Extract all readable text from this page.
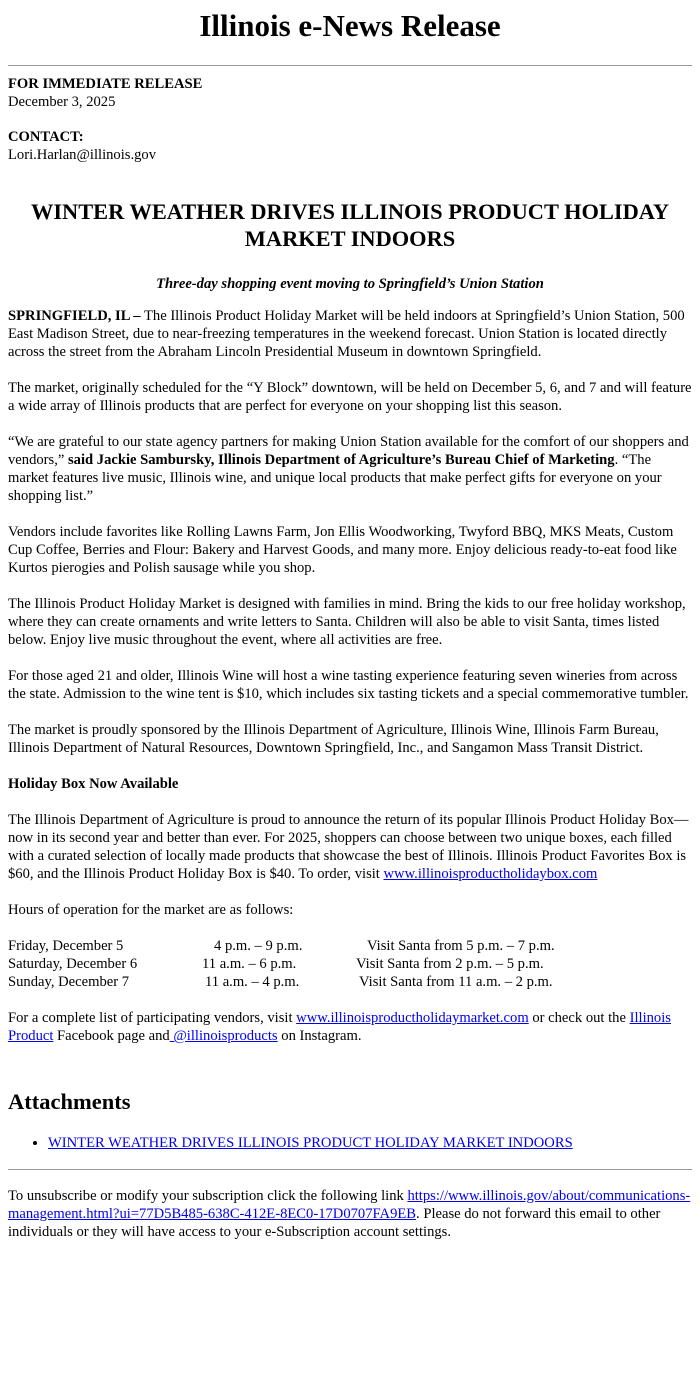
Illinois e-News Release
FOR IMMEDIATE RELEASE
December 3, 2025
CONTACT:
Lori.Harlan@illinois.gov
WINTER WEATHER DRIVES ILLINOIS PRODUCT HOLIDAY MARKET INDOORS
Three-day shopping event moving to Springfield’s Union Station

SPRINGFIELD, IL – The Illinois Product Holiday Market will be held indoors at Springfield’s Union Station, 500 East Madison Street, due to near-freezing temperatures in the weekend forecast. Union Station is located directly across the street from the Abraham Lincoln Presidential Museum in downtown Springfield.

The market, originally scheduled for the “Y Block” downtown, will be held on December 5, 6, and 7 and will feature a wide array of Illinois products that are perfect for everyone on your shopping list this season.

“We are grateful to our state agency partners for making Union Station available for the comfort of our shoppers and vendors,” said Jackie Sambursky, Illinois Department of Agriculture’s Bureau Chief of Marketing. “The market features live music, Illinois wine, and unique local products that make perfect gifts for everyone on your shopping list.”

Vendors include favorites like Rolling Lawns Farm, Jon Ellis Woodworking, Twyford BBQ, MKS Meats, Custom Cup Coffee, Berries and Flour: Bakery and Harvest Goods, and many more. Enjoy delicious ready-to-eat food like Kurtos pierogies and Polish sausage while you shop.

The Illinois Product Holiday Market is designed with families in mind. Bring the kids to our free holiday workshop, where they can create ornaments and write letters to Santa. Children will also be able to visit Santa, times listed below. Enjoy live music throughout the event, where all activities are free.

For those aged 21 and older, Illinois Wine will host a wine tasting experience featuring seven wineries from across the state. Admission to the wine tent is $10, which includes six tasting tickets and a special commemorative tumbler.

The market is proudly sponsored by the Illinois Department of Agriculture, Illinois Wine, Illinois Farm Bureau, Illinois Department of Natural Resources, Downtown Springfield, Inc., and Sangamon Mass Transit District.

Holiday Box Now Available

The Illinois Department of Agriculture is proud to announce the return of its popular Illinois Product Holiday Box—now in its second year and better than ever. For 2025, shoppers can choose between two unique boxes, each filled with a curated selection of locally made products that showcase the best of Illinois. Illinois Product Favorites Box is $60, and the Illinois Product Holiday Box is $40. To order, visit www.illinoisproductholidaybox.com

Hours of operation for the market are as follows:

Friday, December 5	4 p.m. – 9 p.m.	Visit Santa from 5 p.m. – 7 p.m.
Saturday, December 6	11 a.m. – 6 p.m.	Visit Santa from 2 p.m. – 5 p.m.
Sunday, December 7	11 a.m. – 4 p.m.	Visit Santa from 11 a.m. – 2 p.m.

For a complete list of participating vendors, visit www.illinoisproductholidaymarket.com or check out the Illinois Product Facebook page and @illinoisproducts on Instagram.

Attachments
• WINTER WEATHER DRIVES ILLINOIS PRODUCT HOLIDAY MARKET INDOORS

To unsubscribe or modify your subscription click the following link https://www.illinois.gov/about/communications-management.html?ui=77D5B485-638C-412E-8EC0-17D0707FA9EB. Please do not forward this email to other individuals or they will have access to your e-Subscription account settings.
